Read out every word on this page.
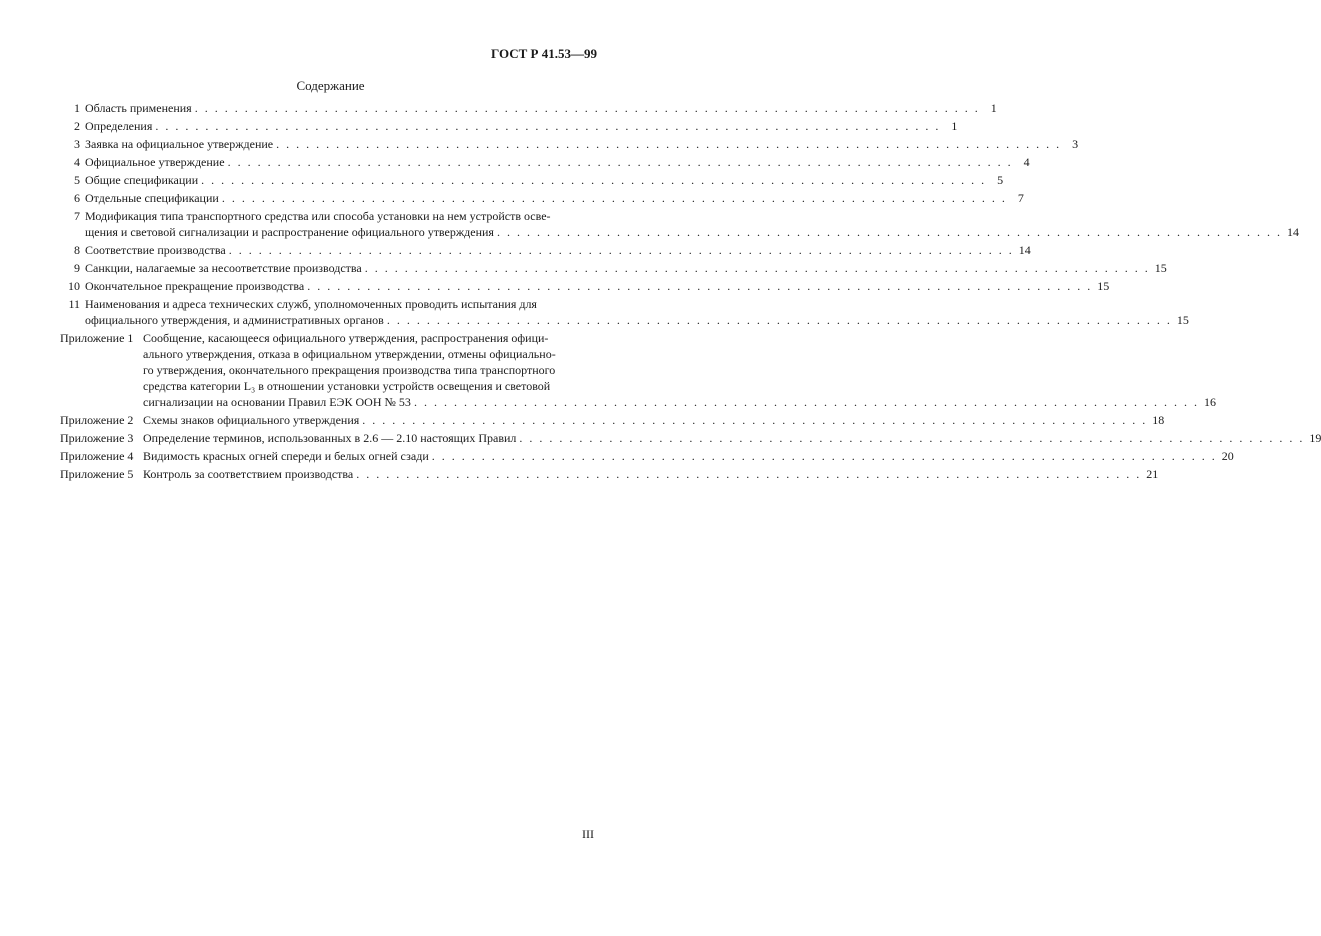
ГОСТ Р 41.53—99
Содержание
1 Область применения . . . . . . . . . . . . . . . . . . . . . . . . . . . . . . . . . . . . . . . . . . . . . . . . . . . . . . . . . . . . . . . . . . . . . . . . . . . . . . . 1
2 Определения . . . . . . . . . . . . . . . . . . . . . . . . . . . . . . . . . . . . . . . . . . . . . . . . . . . . . . . . . . . . . . . . . . . . . . . . . . . . . . . 1
3 Заявка на официальное утверждение . . . . . . . . . . . . . . . . . . . . . . . . . . . . . . . . . . . . . . . . . . . . . . . . . . . . . . . . . . . . . . . . . . . . . . . . . . . . . . . 3
4 Официальное утверждение . . . . . . . . . . . . . . . . . . . . . . . . . . . . . . . . . . . . . . . . . . . . . . . . . . . . . . . . . . . . . . . . . . . . . . . . . . . . . . . 4
5 Общие спецификации . . . . . . . . . . . . . . . . . . . . . . . . . . . . . . . . . . . . . . . . . . . . . . . . . . . . . . . . . . . . . . . . . . . . . . . . . . . . . . . 5
6 Отдельные спецификации . . . . . . . . . . . . . . . . . . . . . . . . . . . . . . . . . . . . . . . . . . . . . . . . . . . . . . . . . . . . . . . . . . . . . . . . . . . . . . . 7
7 Модификация типа транспортного средства или способа установки на нем устройств осве-
щения и световой сигнализации и распространение официального утверждения . . . . . . . . . . . . . . . . . . . . . . . . . . . . . . . . . . . . . . . . . . . . . . . . . . . . . . . . . . . . . . . . . . . . . . . . . . . . . . . 14
8 Соответствие производства . . . . . . . . . . . . . . . . . . . . . . . . . . . . . . . . . . . . . . . . . . . . . . . . . . . . . . . . . . . . . . . . . . . . . . . . . . . . . . . 14
9 Санкции, налагаемые за несоответствие производства . . . . . . . . . . . . . . . . . . . . . . . . . . . . . . . . . . . . . . . . . . . . . . . . . . . . . . . . . . . . . . . . . . . . . . . . . . . . . . . 15
10 Окончательное прекращение производства . . . . . . . . . . . . . . . . . . . . . . . . . . . . . . . . . . . . . . . . . . . . . . . . . . . . . . . . . . . . . . . . . . . . . . . . . . . . . . . 15
11 Наименования и адреса технических служб, уполномоченных проводить испытания для
официального утверждения, и административных органов . . . . . . . . . . . . . . . . . . . . . . . . . . . . . . . . . . . . . . . . . . . . . . . . . . . . . . . . . . . . . . . . . . . . . . . . . . . . . . . 15
Приложение 1 Сообщение, касающееся официального утверждения, распространения офици-
ального утверждения, отказа в официальном утверждении, отмены официально-
го утверждения, окончательного прекращения производства типа транспортного
средства категории L₃ в отношении установки устройств освещения и световой
сигнализации на основании Правил ЕЭК ООН № 53 . . . . . . . . . . . . . . . . . . . . . . . . . . . . . . . . . . . . . . . . . . . . . . . . . . . . . . . . . . . . . . . . . . . . . . . . . . . . . . . 16
Приложение 2 Схемы знаков официального утверждения . . . . . . . . . . . . . . . . . . . . . . . . . . . . . . . . . . . . . . . . . . . . . . . . . . . . . . . . . . . . . . . . . . . . . . . . . . . . . . . 18
Приложение 3 Определение терминов, использованных в 2.6 — 2.10 настоящих Правил . . . . . . . . . . . . . . . . . . . . . . . . . . . . . . . . . . . . . . . . . . . . . . . . . . . . . . . . . . . . . . . . . . . . . . . . . . . . . . . 19
Приложение 4 Видимость красных огней спереди и белых огней сзади . . . . . . . . . . . . . . . . . . . . . . . . . . . . . . . . . . . . . . . . . . . . . . . . . . . . . . . . . . . . . . . . . . . . . . . . . . . . . . . 20
Приложение 5 Контроль за соответствием производства . . . . . . . . . . . . . . . . . . . . . . . . . . . . . . . . . . . . . . . . . . . . . . . . . . . . . . . . . . . . . . . . . . . . . . . . . . . . . . . 21
III
